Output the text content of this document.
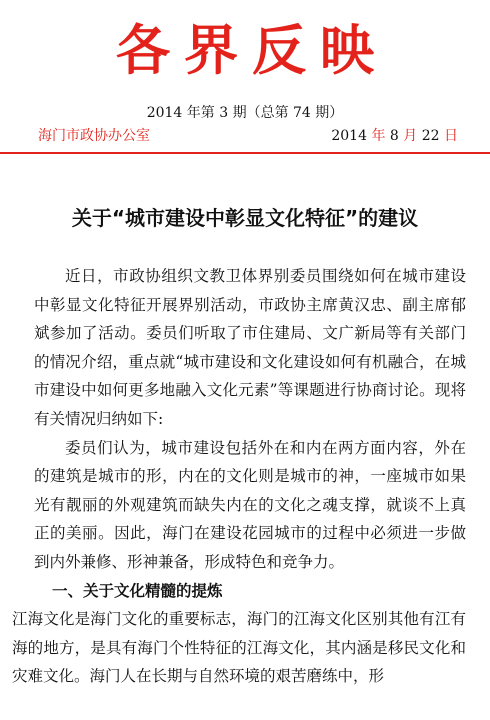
各界反映
2014 年第 3 期（总第 74 期）
海门市政协办公室	2014 年 8 月 22 日
关于“城市建设中彰显文化特征”的建议

近日，市政协组织文教卫体界别委员围绕如何在城市建设中彰显文化特征开展界别活动，市政协主席黄汉忠、副主席郁斌参加了活动。委员们听取了市住建局、文广新局等有关部门的情况介绍，重点就“城市建设和文化建设如何有机融合，在城市建设中如何更多地融入文化元素”等课题进行协商讨论。现将有关情况归纳如下:

委员们认为，城市建设包括外在和内在两方面内容，外在的建筑是城市的形，内在的文化则是城市的神，一座城市如果光有靓丽的外观建筑而缺失内在的文化之魂支撑，就谈不上真正的美丽。因此，海门在建设花园城市的过程中必须进一步做到内外兼修、形神兼备，形成特色和竞争力。

一、关于文化精髓的提炼

江海文化是海门文化的重要标志，海门的江海文化区别其他有江有海的地方，是具有海门个性特征的江海文化，其内涵是移民文化和灾难文化。海门人在长期与自然环境的艰苦磨练中，形
